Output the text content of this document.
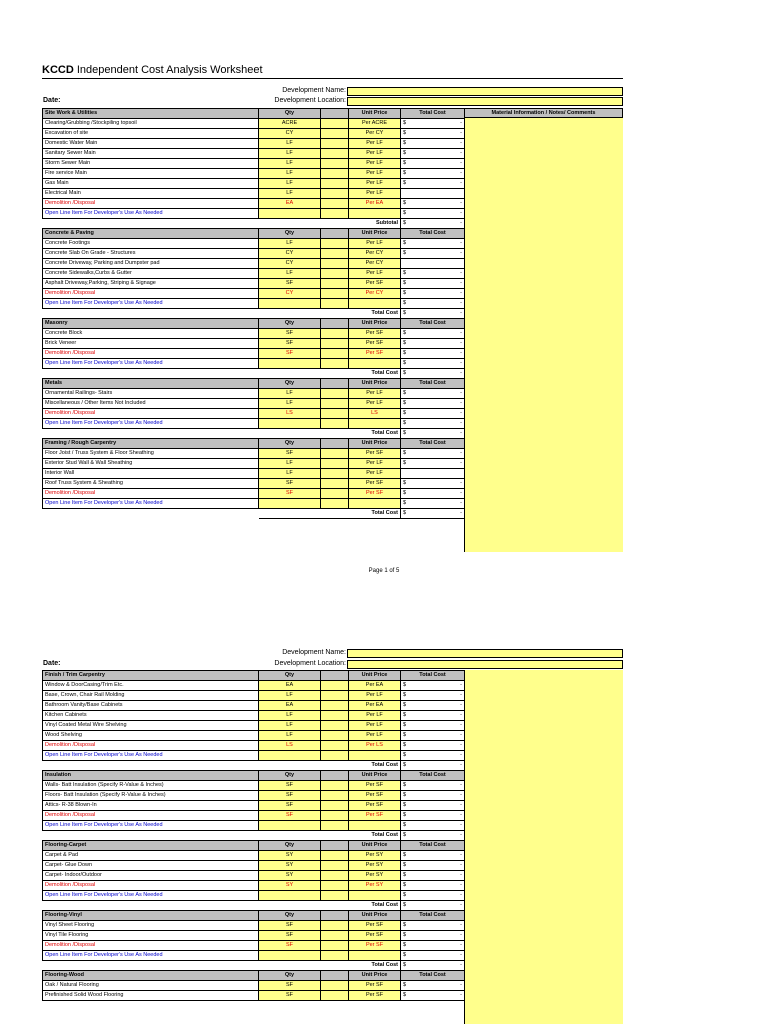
KCCD Independent Cost Analysis Worksheet
Development Name:
Development Location:
Date:
Material Information / Notes/ Comments
Site Work & Utilities	Qty		Unit Price	Total Cost
Clearing/Grubbing /Stockpiling topsoil	ACRE		Per ACRE	$ -

Excavation of site	CY		Per CY	$ -

Domestic Water Main	LF		Per LF	$ -

Sanitary Sewer Main	LF		Per LF	$ -

Storm Sewer Main	LF		Per LF	$ -

Fire service Main	LF		Per LF	$ -

Gas Main	LF		Per LF	$ -

Electrical Main	LF		Per LF	
Demolition /Disposal	EA		Per EA	$ -

Open Line Item For Developer's Use As Needed				$ -

			Subtotal	$ -

Concrete & Paving	Qty		Unit Price	Total Cost
Concrete Footings	LF		Per LF	$ -

Concrete Slab On Grade - Structures	CY		Per CY	$ -

Concrete Driveway, Parking and Dumpster pad	CY		Per CY	
Concrete Sidewalks,Curbs & Gutter	LF		Per LF	$ -

Asphalt Driveway,Parking, Striping & Signage	SF		Per SF	$ -

Demolition /Disposal	CY		Per CY	$ -

Open Line Item For Developer's Use As Needed				$ -

			Total Cost	$ -

Masonry	Qty		Unit Price	Total Cost
Concrete Block	SF		Per SF	$ -

Brick Veneer	SF		Per SF	$ -

Demolition /Disposal	SF		Per SF	$ -

Open Line Item For Developer's Use As Needed				$ -

			Total Cost	$ -

Metals	Qty		Unit Price	Total Cost
Ornamental Railings- Stairs	LF		Per LF	$ -

Miscellaneous / Other Items Not Included	LF		Per LF	$ -

Demolition /Disposal	LS		LS	$ -

Open Line Item For Developer's Use As Needed				$ -

			Total Cost	$ -

Framing / Rough Carpentry	Qty		Unit Price	Total Cost
Floor Joist / Truss System & Floor Sheathing	SF		Per SF	$ -

Exterior Stud Wall & Wall Sheathing	LF		Per LF	$ -

Interior Wall	LF		Per LF	
Roof Truss System & Sheathing	SF		Per SF	$ -

Demolition /Disposal	SF		Per SF	$ -

Open Line Item For Developer's Use As Needed				$ -

			Total Cost	$ -
Page 1 of 5
Development Name:
Development Location:
Date:
Finish / Trim Carpentry	Qty		Unit Price	Total Cost
Window & DoorCasing/Trim Etc.	EA		Per EA	$ -

Base, Crown, Chair Rail Molding	LF		Per LF	$ -

Bathroom Vanity/Base Cabinets	EA		Per EA	$ -

Kitchen Cabinets	LF		Per LF	$ -

Vinyl Coated Metal Wire Shelving	LF		Per LF	$ -

Wood Shelving	LF		Per LF	$ -

Demolition /Disposal	LS		Per LS	$ -

Open Line Item For Developer's Use As Needed				$ -

			Total Cost	$ -

Insulation	Qty		Unit Price	Total Cost
Walls- Batt Insulation (Specify R-Value & Inches)	SF		Per SF	$ -

Floors- Batt Insulation (Specify R-Value & Inches)	SF		Per SF	$ -

Attics- R-38 Blown-In	SF		Per SF	$ -

Demolition /Disposal	SF		Per SF	$ -

Open Line Item For Developer's Use As Needed				$ -

			Total Cost	$ -

Flooring-Carpet	Qty		Unit Price	Total Cost
Carpet & Pad	SY		Per SY	$ -

Carpet- Glue Down	SY		Per SY	$ -

Carpet- Indoor/Outdoor	SY		Per SY	$ -

Demolition /Disposal	SY		Per SY	$ -

Open Line Item For Developer's Use As Needed				$ -

			Total Cost	$ -

Flooring-Vinyl	Qty		Unit Price	Total Cost
Vinyl Sheet Flooring	SF		Per SF	$ -

Vinyl Tile Flooring	SF		Per SF	$ -

Demolition /Disposal	SF		Per SF	$ -

Open Line Item For Developer's Use As Needed				$ -

			Total Cost	$ -

Flooring-Wood	Qty		Unit Price	Total Cost
Oak / Natural Flooring	SF		Per SF	$ -

Prefinished Solid Wood Flooring	SF		Per SF	$ -
